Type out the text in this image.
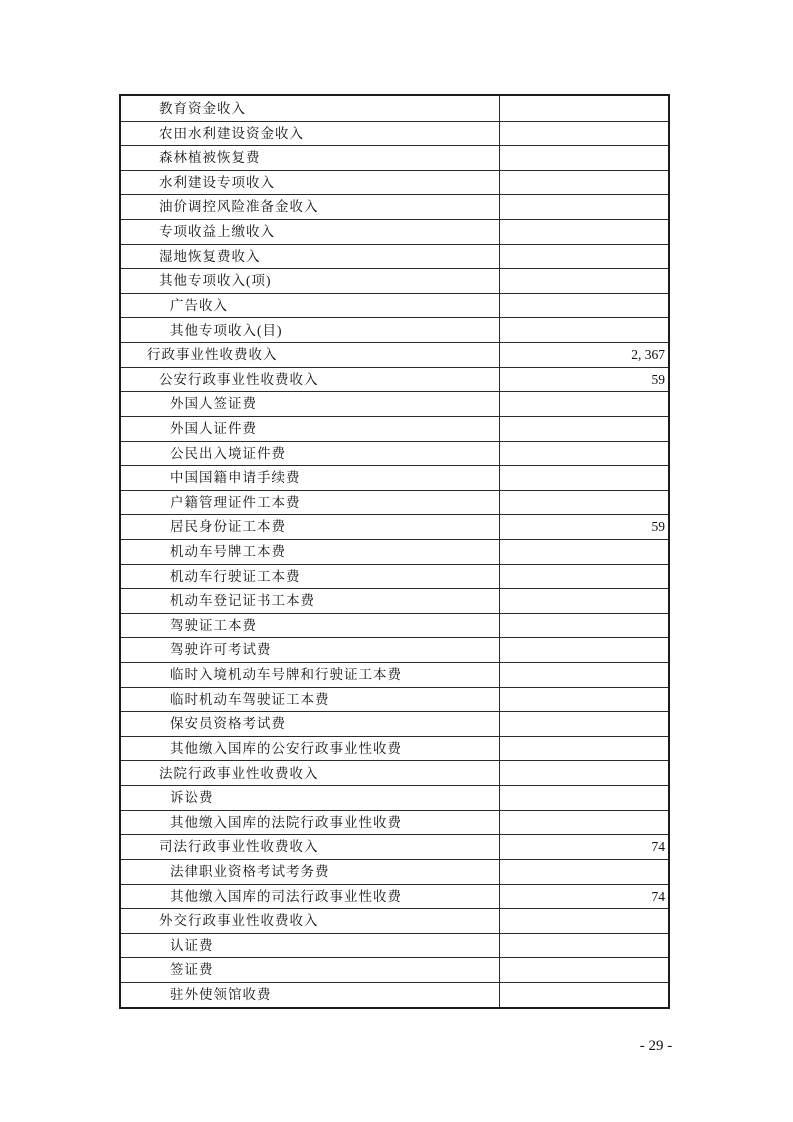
教育资金收入
农田水利建设资金收入
森林植被恢复费
水利建设专项收入
油价调控风险准备金收入
专项收益上缴收入
湿地恢复费收入
其他专项收入(项)
广告收入
其他专项收入(目)
行政事业性收费收入	2, 367
公安行政事业性收费收入	59
外国人签证费
外国人证件费
公民出入境证件费
中国国籍申请手续费
户籍管理证件工本费
居民身份证工本费	59
机动车号牌工本费
机动车行驶证工本费
机动车登记证书工本费
驾驶证工本费
驾驶许可考试费
临时入境机动车号牌和行驶证工本费
临时机动车驾驶证工本费
保安员资格考试费
其他缴入国库的公安行政事业性收费
法院行政事业性收费收入
诉讼费
其他缴入国库的法院行政事业性收费
司法行政事业性收费收入	74
法律职业资格考试考务费
其他缴入国库的司法行政事业性收费	74
外交行政事业性收费收入
认证费
签证费
驻外使领馆收费
- 29 -
